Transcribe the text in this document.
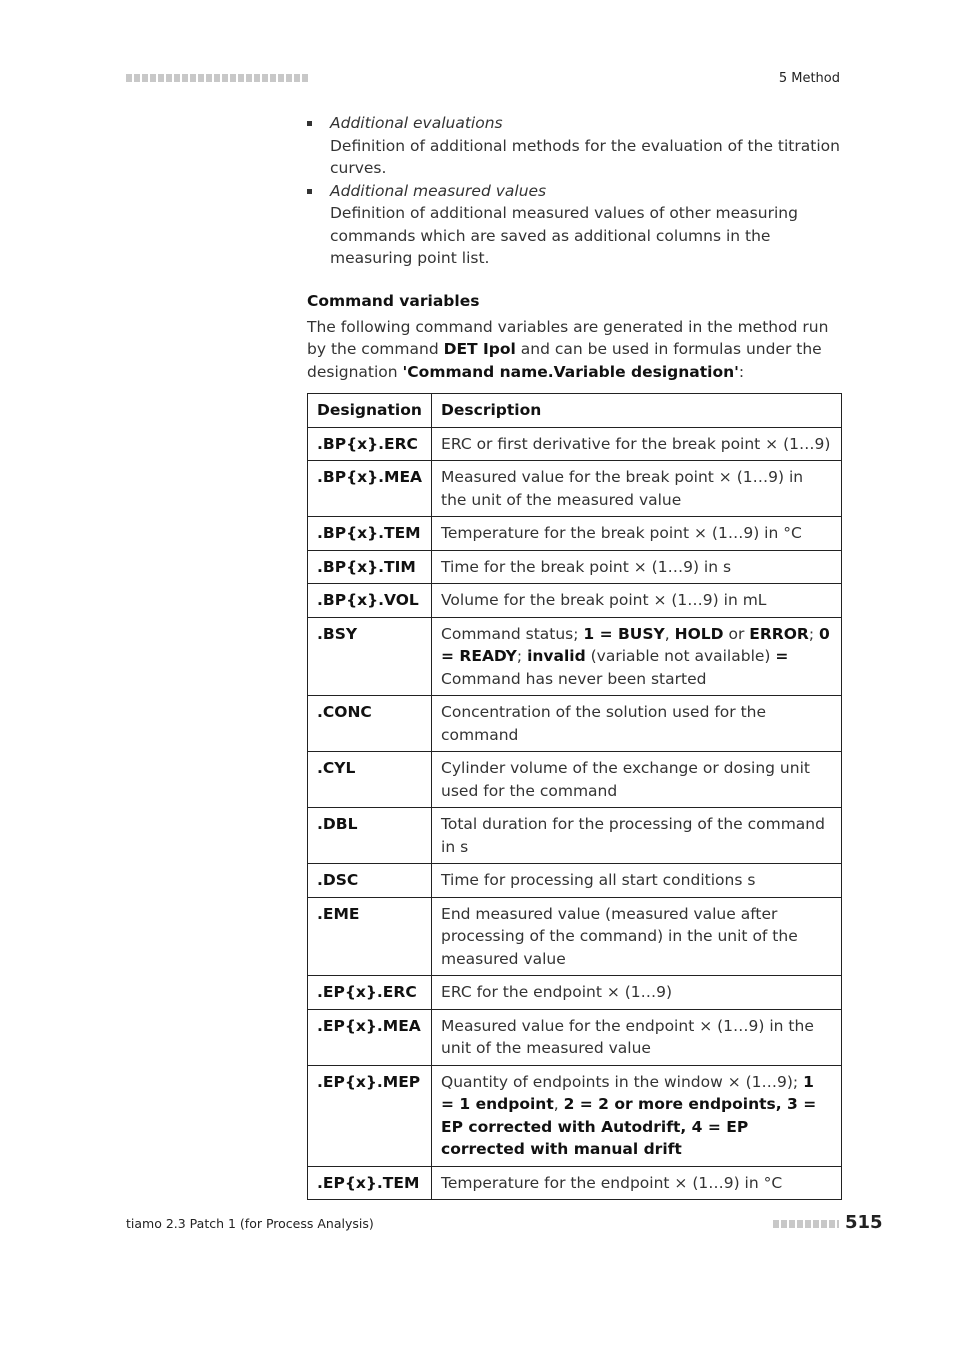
5 Method
Additional evaluations
Definition of additional methods for the evaluation of the titration curves.
Additional measured values
Definition of additional measured values of other measuring commands which are saved as additional columns in the measuring point list.
Command variables

The following command variables are generated in the method run by the command DET Ipol and can be used in formulas under the designation 'Command name.Variable designation':

Designation	Description
.BP{x}.ERC	ERC or first derivative for the break point × (1…9)
.BP{x}.MEA	Measured value for the break point × (1…9) in the unit of the measured value
.BP{x}.TEM	Temperature for the break point × (1…9) in °C
.BP{x}.TIM	Time for the break point × (1…9) in s
.BP{x}.VOL	Volume for the break point × (1…9) in mL
.BSY	Command status; 1 = BUSY, HOLD or ERROR; 0 = READY; invalid (variable not available) = Command has never been started
.CONC	Concentration of the solution used for the command
.CYL	Cylinder volume of the exchange or dosing unit used for the command
.DBL	Total duration for the processing of the command in s
.DSC	Time for processing all start conditions s
.EME	End measured value (measured value after processing of the command) in the unit of the measured value
.EP{x}.ERC	ERC for the endpoint × (1…9)
.EP{x}.MEA	Measured value for the endpoint × (1…9) in the unit of the measured value
.EP{x}.MEP	Quantity of endpoints in the window × (1…9); 1 = 1 endpoint, 2 = 2 or more endpoints, 3 = EP corrected with Autodrift, 4 = EP corrected with manual drift
.EP{x}.TEM	Temperature for the endpoint × (1…9) in °C
tiamo 2.3 Patch 1 (for Process Analysis)	515
